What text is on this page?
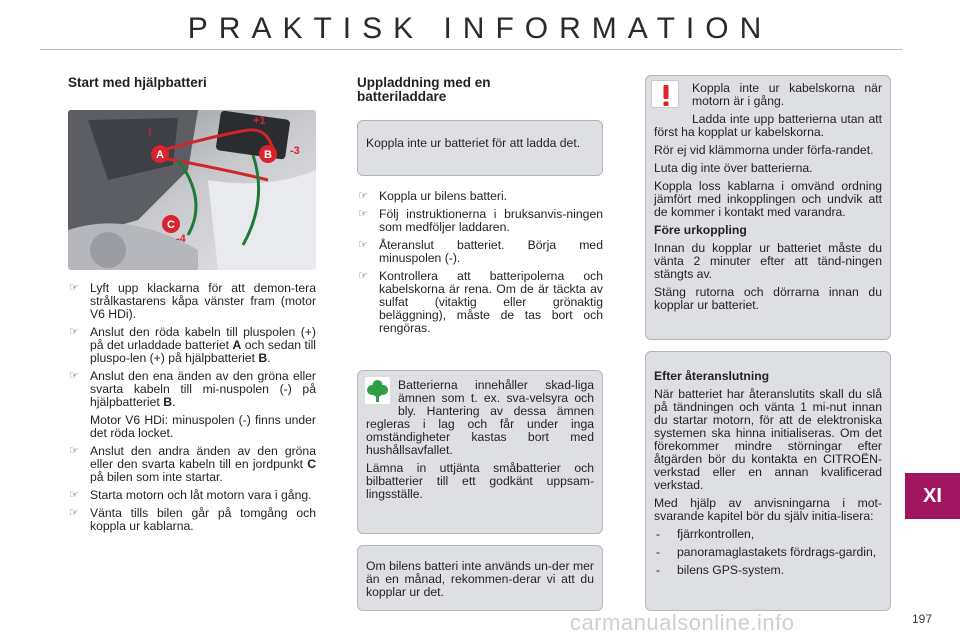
PRAKTISK INFORMATION
Start med hjälpbatteri
A	B
C
+1
-3
-4
!
☞ Lyft upp klackarna för att demon-tera strålkastarens kåpa vänster fram (motor V6 HDi).
☞ Anslut den röda kabeln till pluspolen (+) på det urladdade batteriet A och sedan till pluspo-len (+) på hjälpbatteriet B.
☞ Anslut den ena änden av den gröna eller svarta kabeln till mi-nuspolen (-) på hjälpbatteriet B.
Motor V6 HDi: minuspolen (-) finns under det röda locket.
☞ Anslut den andra änden av den gröna eller den svarta kabeln till en jordpunkt C på bilen som inte startar.
☞ Starta motorn och låt motorn vara i gång.
☞ Vänta tills bilen går på tomgång och koppla ur kablarna.
Uppladdning med en
batteriladdare

Koppla inte ur batteriet för att ladda det.

☞ Koppla ur bilens batteri.
☞ Följ instruktionerna i bruksanvis-ningen som medföljer laddaren.
☞ Återanslut batteriet. Börja med minuspolen (-).
☞ Kontrollera att batteripolerna och kabelskorna är rena. Om de är täckta av sulfat (vitaktig eller grönaktig beläggning), måste de tas bort och rengöras.

Batterierna innehåller skad-liga ämnen som t. ex. sva-velsyra och bly. Hantering av dessa ämnen regleras i lag och får under inga omständigheter kastas bort med hushållsavfallet.

Lämna in uttjänta småbatterier och bilbatterier till ett godkänt uppsam-lingsställe.

Om bilens batteri inte används un-der mer än en månad, rekommen-derar vi att du kopplar ur det.

Koppla inte ur kabelskorna när motorn är i gång.

Ladda inte upp batterierna utan att först ha kopplat ur kabelskorna.

Rör ej vid klämmorna under förfa-randet.

Luta dig inte över batterierna.

Koppla loss kablarna i omvänd ordning jämfört med inkopplingen och undvik att de kommer i kontakt med varandra.

Före urkoppling

Innan du kopplar ur batteriet måste du vänta 2 minuter efter att tänd-ningen stängts av.

Stäng rutorna och dörrarna innan du kopplar ur batteriet.

Efter återanslutning

När batteriet har återanslutits skall du slå på tändningen och vänta 1 mi-nut innan du startar motorn, för att de elektroniska systemen ska hinna initialiseras. Om det förekommer mindre störningar efter åtgärden bör du kontakta en CITROËN-verkstad eller en annan kvalificerad verkstad.

Med hjälp av anvisningarna i mot-svarande kapitel bör du själv initia-lisera:

- fjärrkontrollen,
- panoramaglastakets fördrags-gardin,
- bilens GPS-system.
XI
carmanualsonline.info	197
